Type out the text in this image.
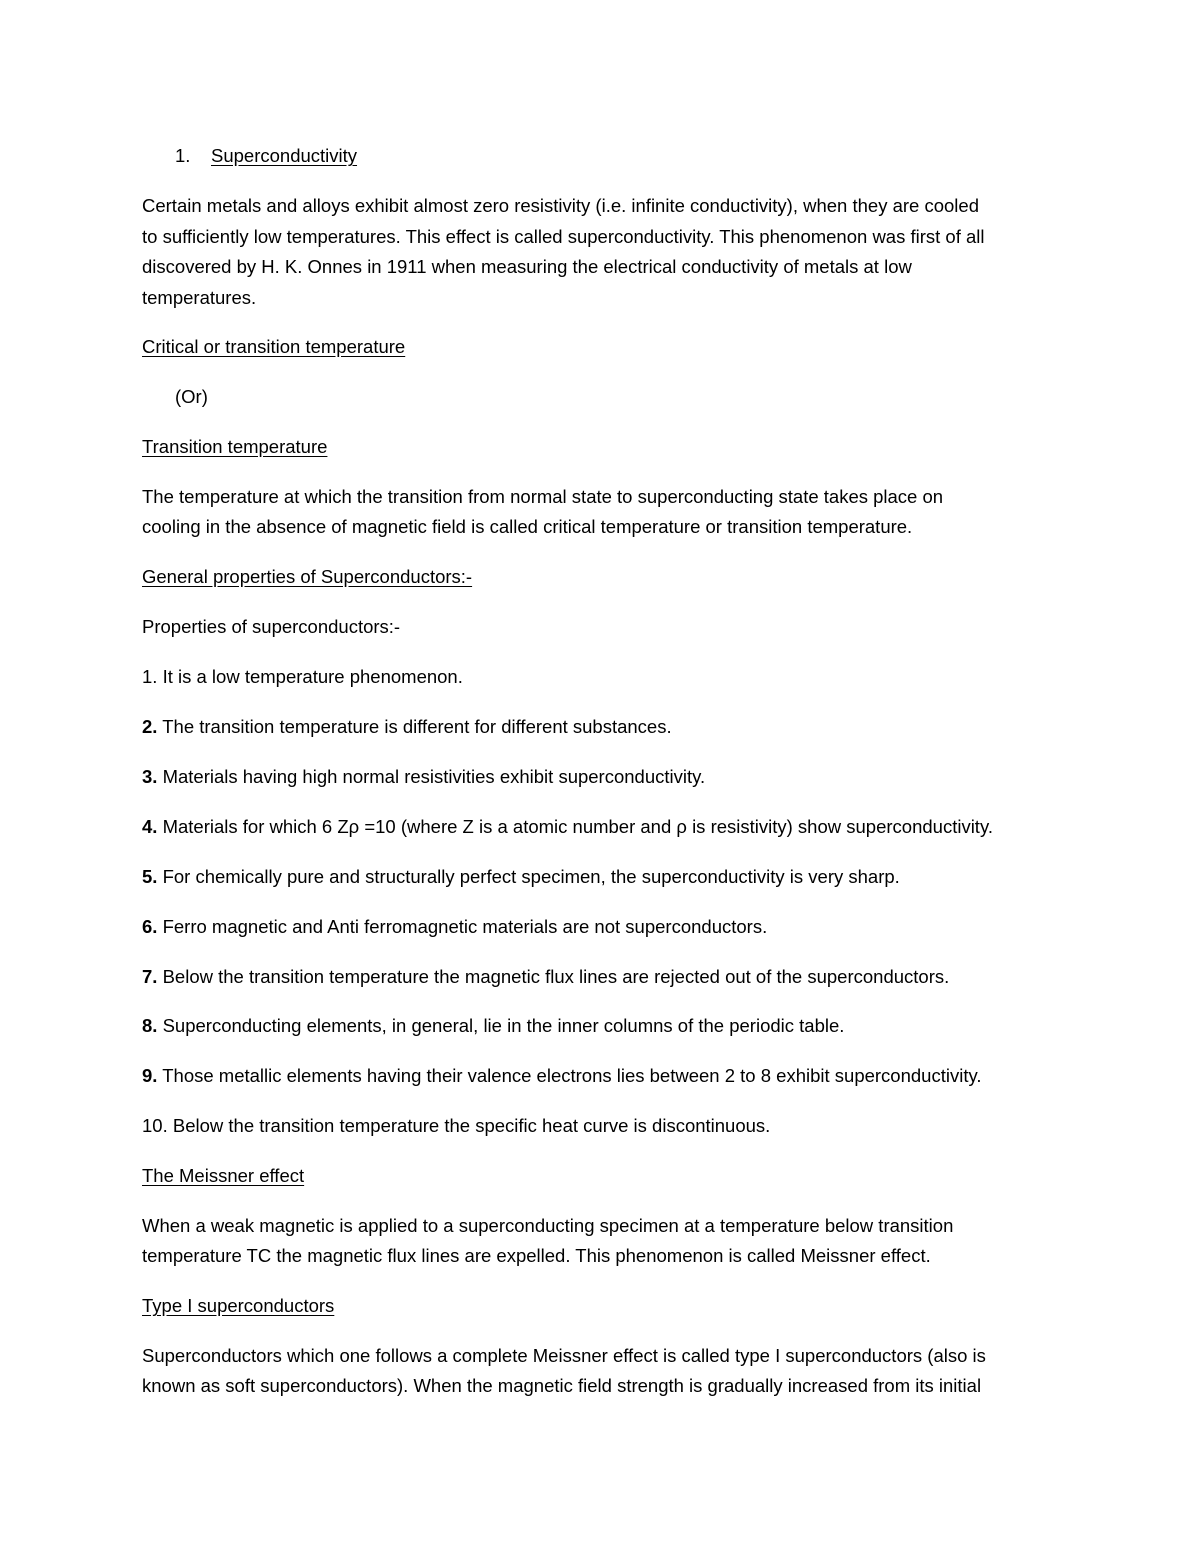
1. Superconductivity
Certain metals and alloys exhibit almost zero resistivity (i.e. infinite conductivity), when they are cooled
to sufficiently low temperatures. This effect is called superconductivity. This phenomenon was first of all
discovered by H. K. Onnes in 1911 when measuring the electrical conductivity of metals at low
temperatures.
Critical or transition temperature
(Or)
Transition temperature
The temperature at which the transition from normal state to superconducting state takes place on
cooling in the absence of magnetic field is called critical temperature or transition temperature.
General properties of Superconductors:-
Properties of superconductors:-
1. It is a low temperature phenomenon.
2. The transition temperature is different for different substances.
3. Materials having high normal resistivities exhibit superconductivity.
4. Materials for which 6 Zρ =10 (where Z is a atomic number and ρ is resistivity) show superconductivity.
5. For chemically pure and structurally perfect specimen, the superconductivity is very sharp.
6. Ferro magnetic and Anti ferromagnetic materials are not superconductors.
7. Below the transition temperature the magnetic flux lines are rejected out of the superconductors.
8. Superconducting elements, in general, lie in the inner columns of the periodic table.
9. Those metallic elements having their valence electrons lies between 2 to 8 exhibit superconductivity.
10. Below the transition temperature the specific heat curve is discontinuous.
The Meissner effect
When a weak magnetic is applied to a superconducting specimen at a temperature below transition
temperature TC the magnetic flux lines are expelled. This phenomenon is called Meissner effect.
Type I superconductors
Superconductors which one follows a complete Meissner effect is called type I superconductors (also is
known as soft superconductors). When the magnetic field strength is gradually increased from its initial
